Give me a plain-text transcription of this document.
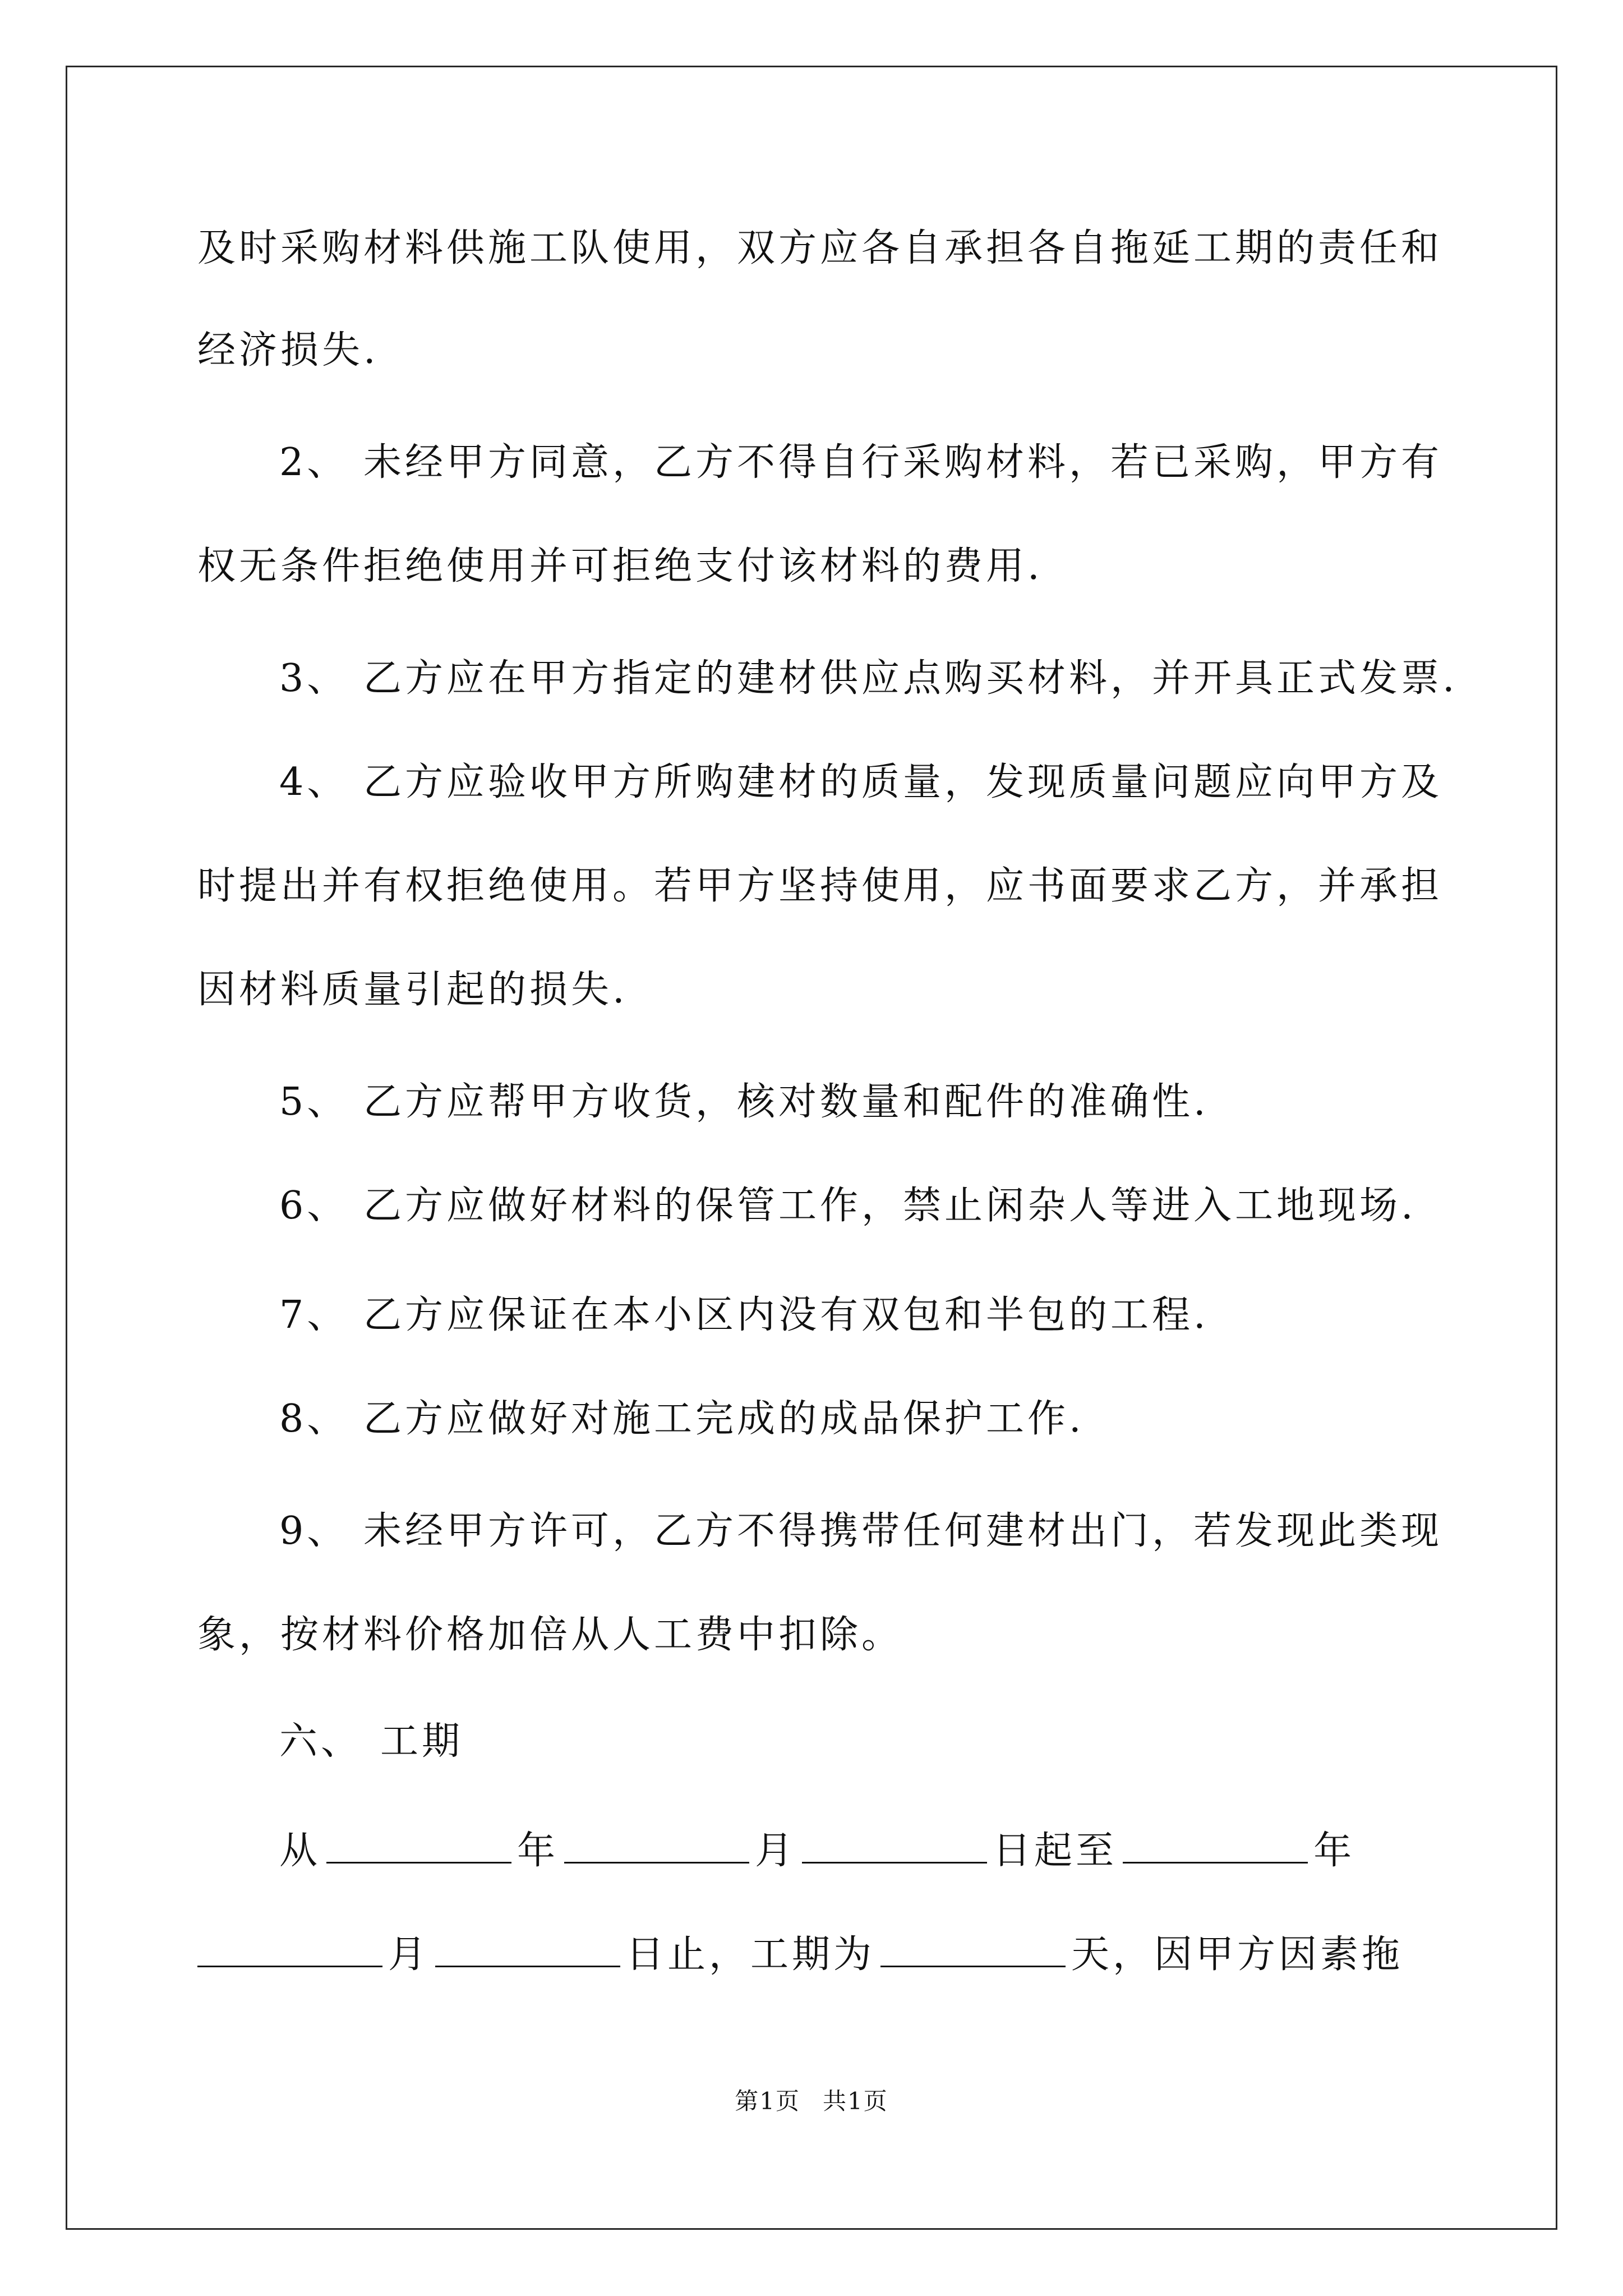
及时采购材料供施工队使用，双方应各自承担各自拖延工期的责任和
经济损失.
2、 未经甲方同意，乙方不得自行采购材料，若已采购，甲方有
权无条件拒绝使用并可拒绝支付该材料的费用.
3、 乙方应在甲方指定的建材供应点购买材料，并开具正式发票.
4、 乙方应验收甲方所购建材的质量，发现质量问题应向甲方及
时提出并有权拒绝使用。若甲方坚持使用，应书面要求乙方，并承担
因材料质量引起的损失.
5、 乙方应帮甲方收货，核对数量和配件的准确性.
6、 乙方应做好材料的保管工作，禁止闲杂人等进入工地现场.
7、 乙方应保证在本小区内没有双包和半包的工程.
8、 乙方应做好对施工完成的成品保护工作.
9、 未经甲方许可，乙方不得携带任何建材出门，若发现此类现
象，按材料价格加倍从人工费中扣除。
六、 工期
从	年	月	日起至	年
月	日止，工期为	天，因甲方因素拖
第1页 共1页
